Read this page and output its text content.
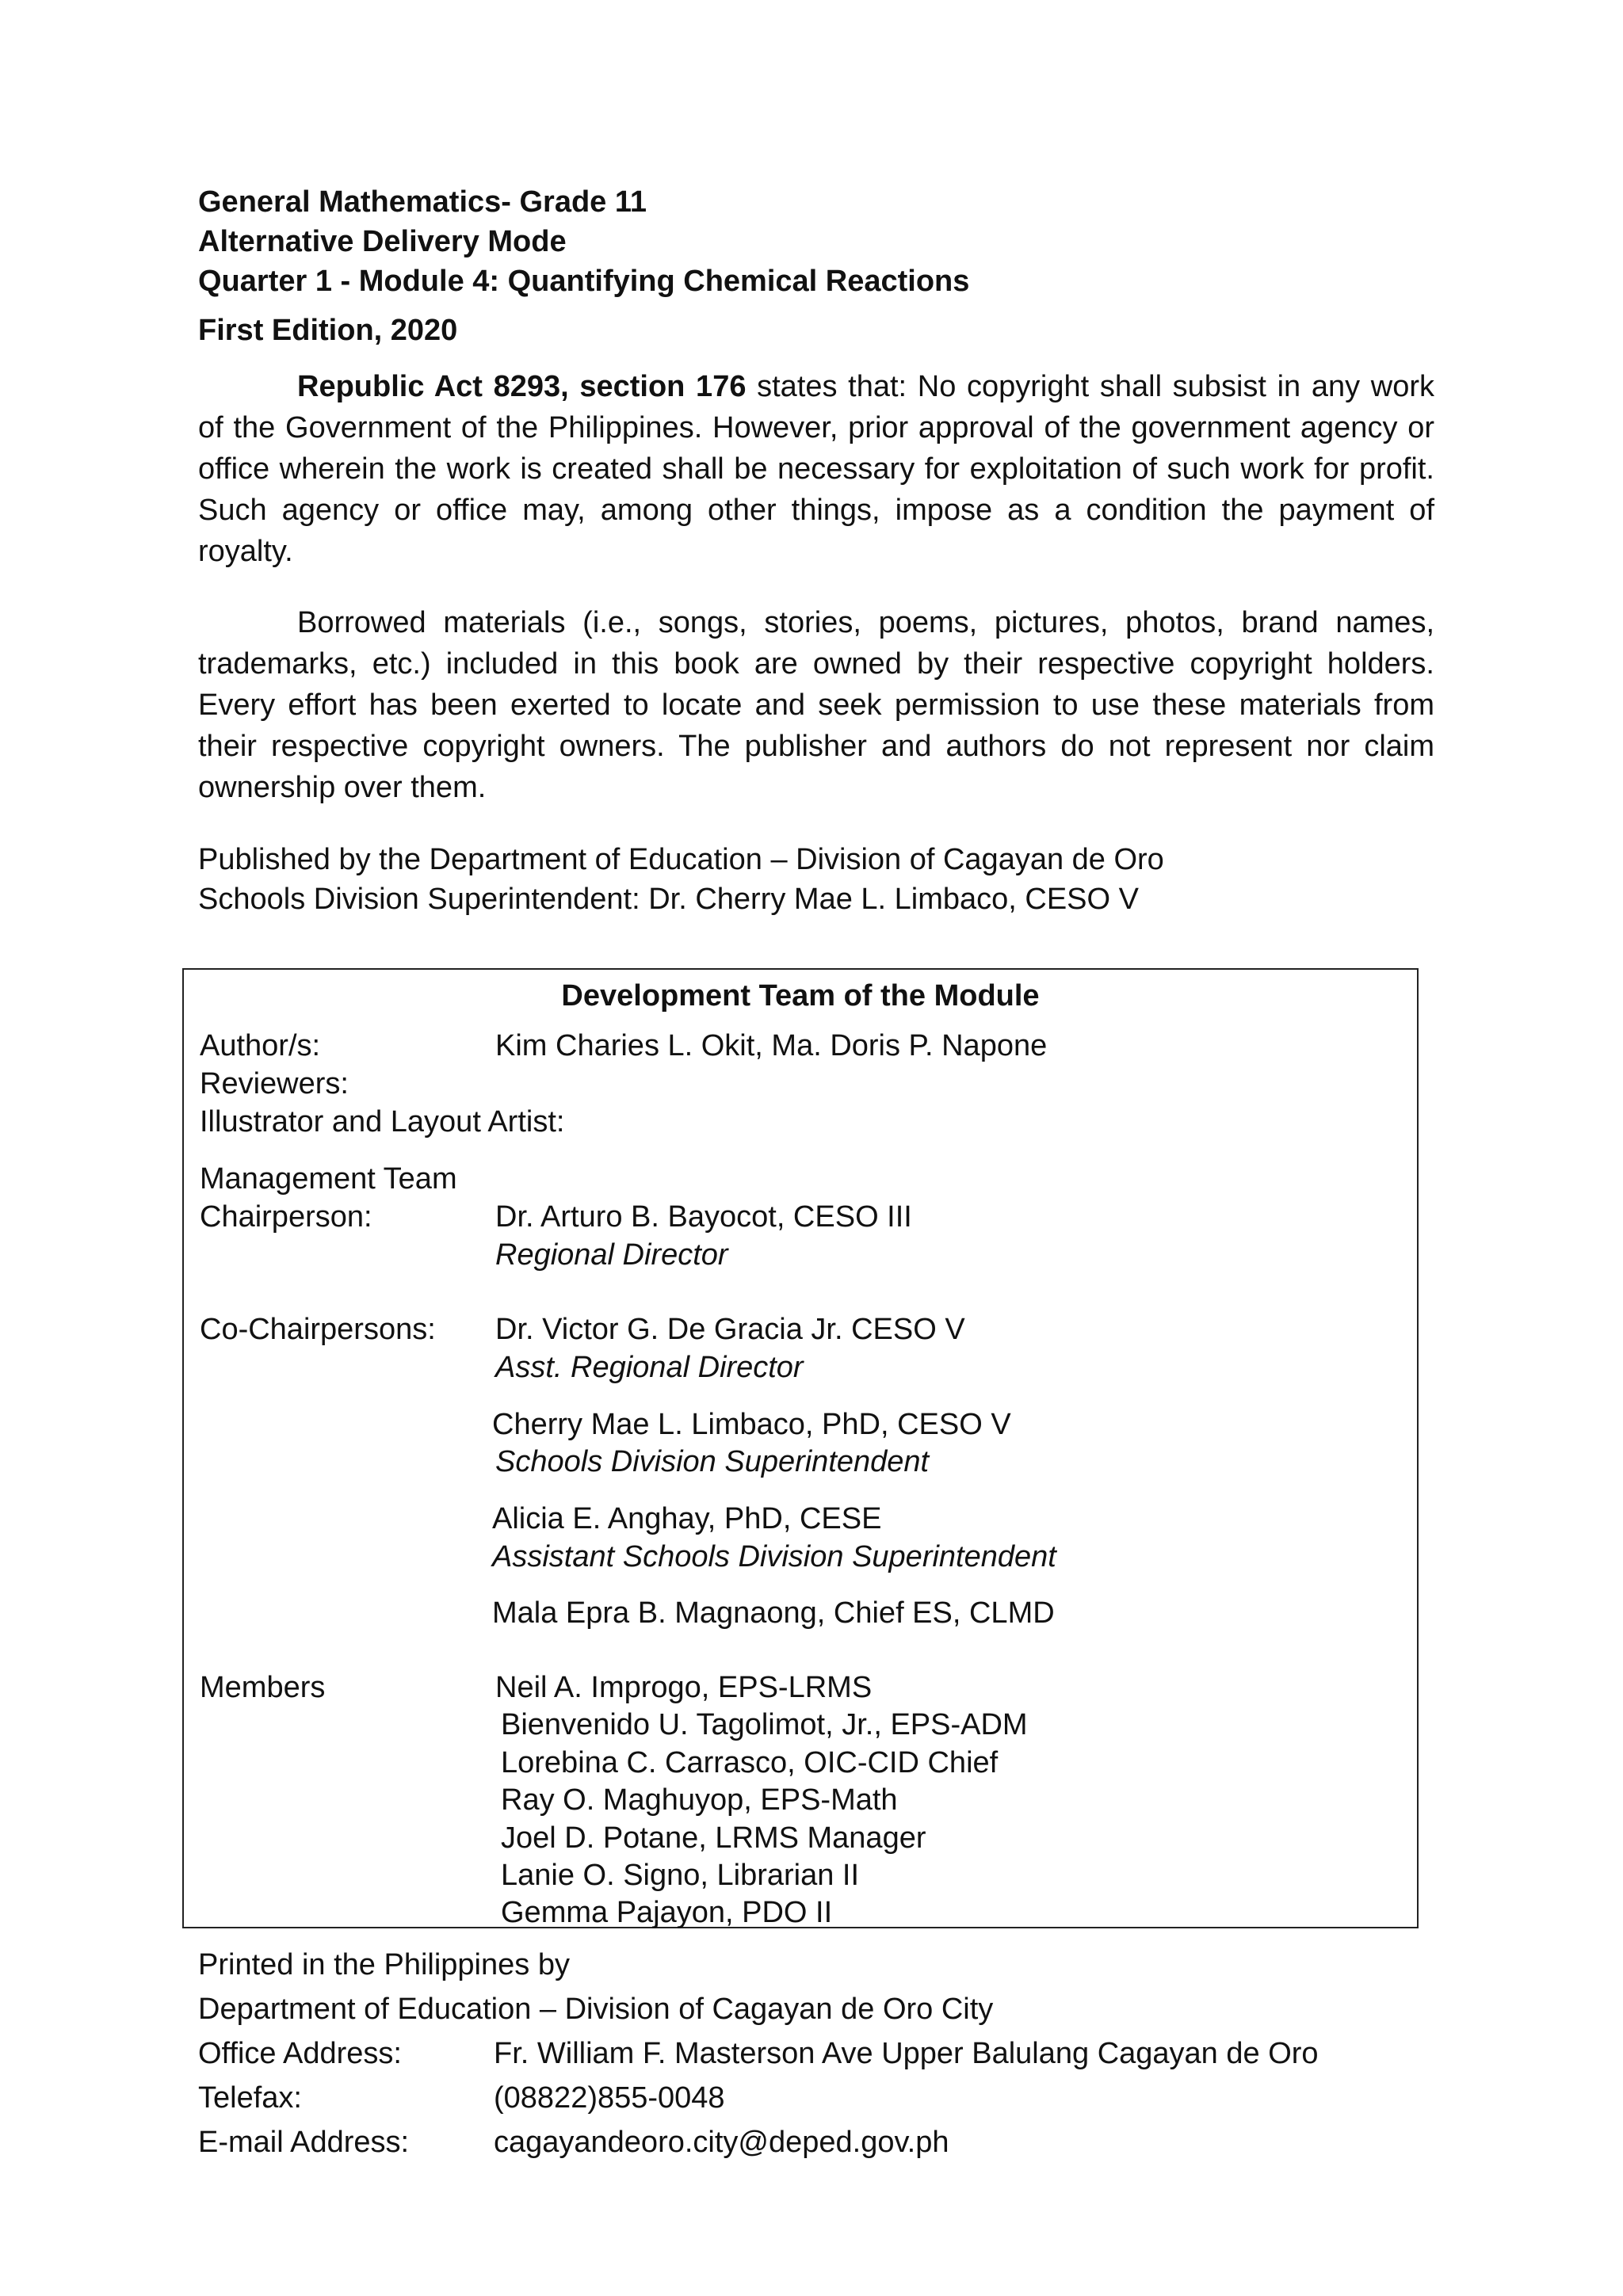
General Mathematics- Grade 11

Alternative Delivery Mode

Quarter 1 - Module 4: Quantifying Chemical Reactions

First Edition, 2020

Republic Act 8293, section 176 states that: No copyright shall subsist in any work of the Government of the Philippines. However, prior approval of the government agency or office wherein the work is created shall be necessary for exploitation of such work for profit. Such agency or office may, among other things, impose as a condition the payment of royalty.

Borrowed materials (i.e., songs, stories, poems, pictures, photos, brand names, trademarks, etc.) included in this book are owned by their respective copyright holders. Every effort has been exerted to locate and seek permission to use these materials from their respective copyright owners. The publisher and authors do not represent nor claim ownership over them.

Published by the Department of Education – Division of Cagayan de Oro
Schools Division Superintendent: Dr. Cherry Mae L. Limbaco, CESO V
Development Team of the Module
Author/s:	Kim Charies L. Okit, Ma. Doris P. Napone
Reviewers:
Illustrator and Layout Artist:
Management Team
Chairperson:	Dr. Arturo B. Bayocot, CESO III
Regional Director
Co-Chairpersons: Dr. Victor G. De Gracia Jr. CESO V
Asst. Regional Director
Cherry Mae L. Limbaco, PhD, CESO V
Schools Division Superintendent
Alicia E. Anghay, PhD, CESE
Assistant Schools Division Superintendent
Mala Epra B. Magnaong, Chief ES, CLMD
Members	Neil A. Improgo, EPS-LRMS
Bienvenido U. Tagolimot, Jr., EPS-ADM
Lorebina C. Carrasco, OIC-CID Chief
Ray O. Maghuyop, EPS-Math
Joel D. Potane, LRMS Manager
Lanie O. Signo, Librarian II
Gemma Pajayon, PDO II
Printed in the Philippines by
Department of Education – Division of Cagayan de Oro City
Office Address:	Fr. William F. Masterson Ave Upper Balulang Cagayan de Oro
Telefax:	(08822)855-0048
E-mail Address:	cagayandeoro.city@deped.gov.ph
